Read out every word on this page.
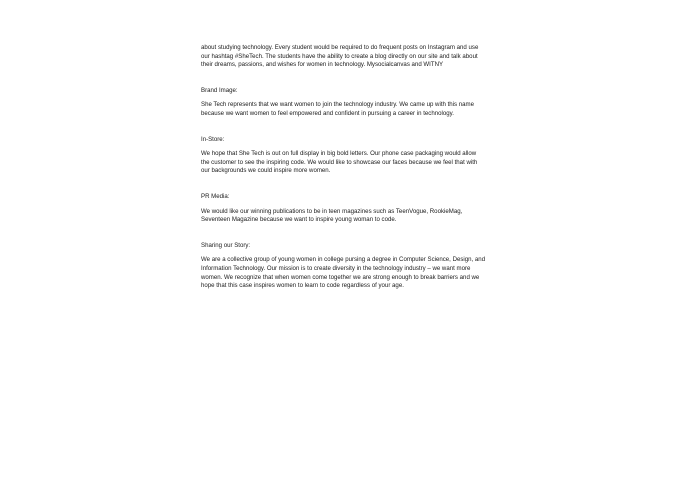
about studying technology. Every student would be required to do frequent posts on Instagram and use
our hashtag #SheTech. The students have the ability to create a blog directly on our site and talk about
their dreams, passions, and wishes for women in technology. Mysocialcanvas and WITNY

Brand Image:

She Tech represents that we want women to join the technology industry. We came up with this name
because we want women to feel empowered and confident in pursuing a career in technology.

In-Store:

We hope that She Tech is out on full display in big bold letters. Our phone case packaging would allow
the customer to see the inspiring code. We would like to showcase our faces because we feel that with
our backgrounds we could inspire more women.

PR Media:

We would like our winning publications to be in teen magazines such as TeenVogue, RookieMag,
Seventeen Magazine because we want to inspire young woman to code.

Sharing our Story:

We are a collective group of young women in college pursing a degree in Computer Science, Design, and
Information Technology. Our mission is to create diversity in the technology industry – we want more
women. We recognize that when women come together we are strong enough to break barriers and we
hope that this case inspires women to learn to code regardless of your age.
